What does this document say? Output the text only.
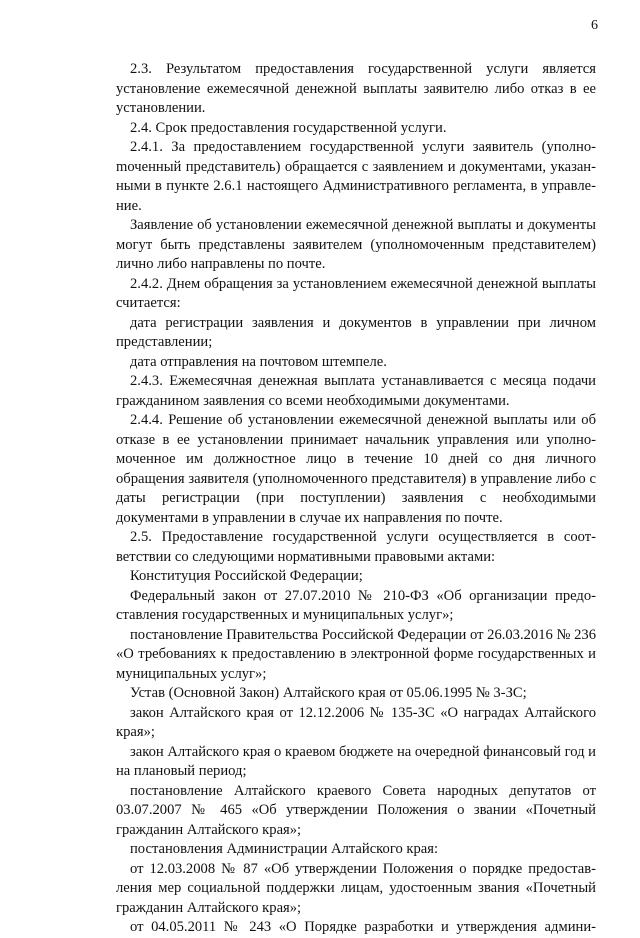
6

2.3. Результатом предоставления государственной услуги является установление ежемесячной денежной выплаты заявителю либо отказ в ее установлении.

2.4. Срок предоставления государственной услуги.

2.4.1. За предоставлением государственной услуги заявитель (уполноmоченный представитель) обращается с заявлением и документами, указанными в пункте 2.6.1 настоящего Административного регламента, в управление.

Заявление об установлении ежемесячной денежной выплаты и документы могут быть представлены заявителем (уполномоченным представителем) лично либо направлены по почте.

2.4.2. Днем обращения за установлением ежемесячной денежной выплаты считается:

дата регистрации заявления и документов в управлении при личном представлении;

дата отправления на почтовом штемпеле.

2.4.3. Ежемесячная денежная выплата устанавливается с месяца подачи гражданином заявления со всеми необходимыми документами.

2.4.4. Решение об установлении ежемесячной денежной выплаты или об отказе в ее установлении принимает начальник управления или уполномоченное им должностное лицо в течение 10 дней со дня личного обращения заявителя (уполномоченного представителя) в управление либо с даты регистрации (при поступлении) заявления с необходимыми документами в управлении в случае их направления по почте.

2.5. Предоставление государственной услуги осуществляется в соответствии со следующими нормативными правовыми актами:

Конституция Российской Федерации;

Федеральный закон от 27.07.2010 № 210-ФЗ «Об организации предоставления государственных и муниципальных услуг»;

постановление Правительства Российской Федерации от 26.03.2016 № 236 «О требованиях к предоставлению в электронной форме государственных и муниципальных услуг»;

Устав (Основной Закон) Алтайского края от 05.06.1995 № 3-ЗС;

закон Алтайского края от 12.12.2006 № 135-ЗС «О наградах Алтайского края»;

закон Алтайского края о краевом бюджете на очередной финансовый год и на плановый период;

постановление Алтайского краевого Совета народных депутатов от 03.07.2007 № 465 «Об утверждении Положения о звании «Почетный гражданин Алтайского края»;

постановления Администрации Алтайского края:

от 12.03.2008 № 87 «Об утверждении Положения о порядке предоставления мер социальной поддержки лицам, удостоенным звания «Почетный гражданин Алтайского края»;

от 04.05.2011 № 243 «О Порядке разработки и утверждения админи-
